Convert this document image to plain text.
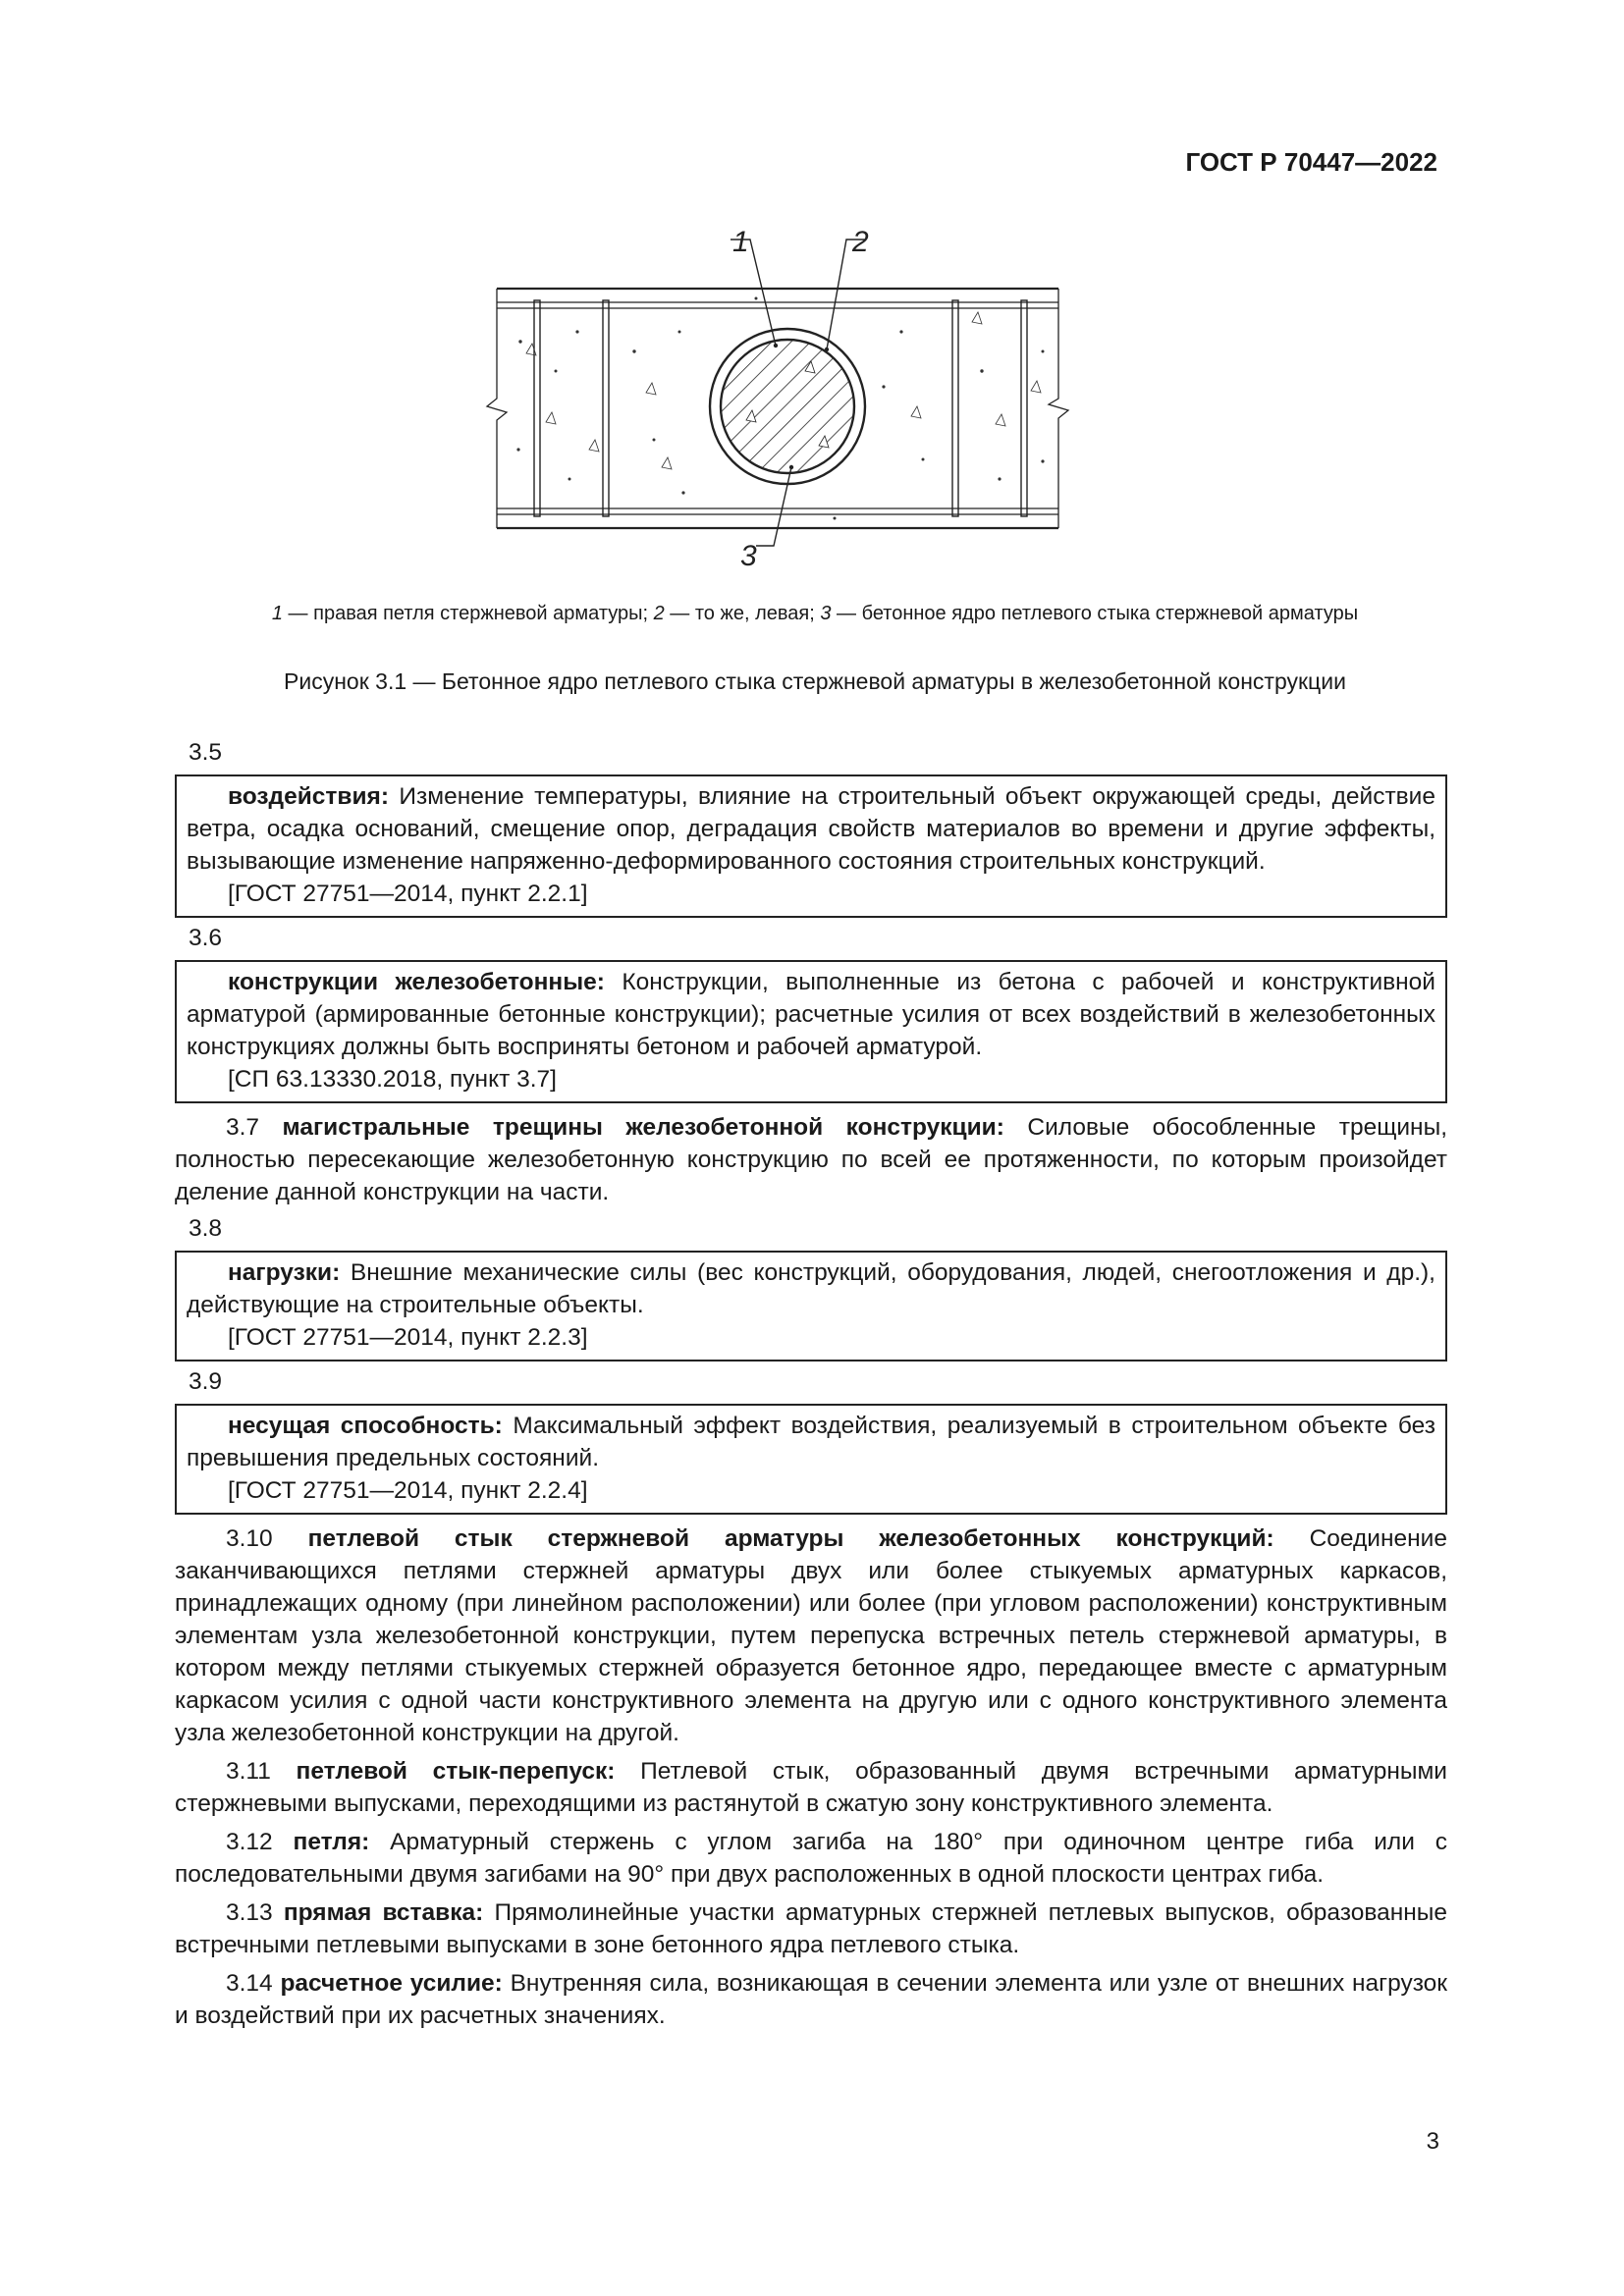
ГОСТ Р 70447—2022
1	2
3
1 — правая петля стержневой арматуры; 2 — то же, левая; 3 — бетонное ядро петлевого стыка стержневой арматуры
Рисунок 3.1 — Бетонное ядро петлевого стыка стержневой арматуры в железобетонной конструкции
3.5
воздействия: Изменение температуры, влияние на строительный объект окружающей среды, действие ветра, осадка оснований, смещение опор, деградация свойств материалов во времени и другие эффекты, вызывающие изменение напряженно-деформированного состояния строительных конструкций.
[ГОСТ 27751—2014, пункт 2.2.1]
3.6
конструкции железобетонные: Конструкции, выполненные из бетона с рабочей и конструктивной арматурой (армированные бетонные конструкции); расчетные усилия от всех воздействий в железобетонных конструкциях должны быть восприняты бетоном и рабочей арматурой.
[СП 63.13330.2018, пункт 3.7]
3.7 магистральные трещины железобетонной конструкции: Силовые обособленные трещины, полностью пересекающие железобетонную конструкцию по всей ее протяженности, по которым произойдет деление данной конструкции на части.
3.8
нагрузки: Внешние механические силы (вес конструкций, оборудования, людей, снегоотложения и др.), действующие на строительные объекты.
[ГОСТ 27751—2014, пункт 2.2.3]
3.9
несущая способность: Максимальный эффект воздействия, реализуемый в строительном объекте без превышения предельных состояний.
[ГОСТ 27751—2014, пункт 2.2.4]
3.10 петлевой стык стержневой арматуры железобетонных конструкций: Соединение заканчивающихся петлями стержней арматуры двух или более стыкуемых арматурных каркасов, принадлежащих одному (при линейном расположении) или более (при угловом расположении) конструктивным элементам узла железобетонной конструкции, путем перепуска встречных петель стержневой арматуры, в котором между петлями стыкуемых стержней образуется бетонное ядро, передающее вместе с арматурным каркасом усилия с одной части конструктивного элемента на другую или с одного конструктивного элемента узла железобетонной конструкции на другой.
3.11 петлевой стык-перепуск: Петлевой стык, образованный двумя встречными арматурными стержневыми выпусками, переходящими из растянутой в сжатую зону конструктивного элемента.
3.12 петля: Арматурный стержень с углом загиба на 180° при одиночном центре гиба или с последовательными двумя загибами на 90° при двух расположенных в одной плоскости центрах гиба.
3.13 прямая вставка: Прямолинейные участки арматурных стержней петлевых выпусков, образованные встречными петлевыми выпусками в зоне бетонного ядра петлевого стыка.
3.14 расчетное усилие: Внутренняя сила, возникающая в сечении элемента или узле от внешних нагрузок и воздействий при их расчетных значениях.
3
